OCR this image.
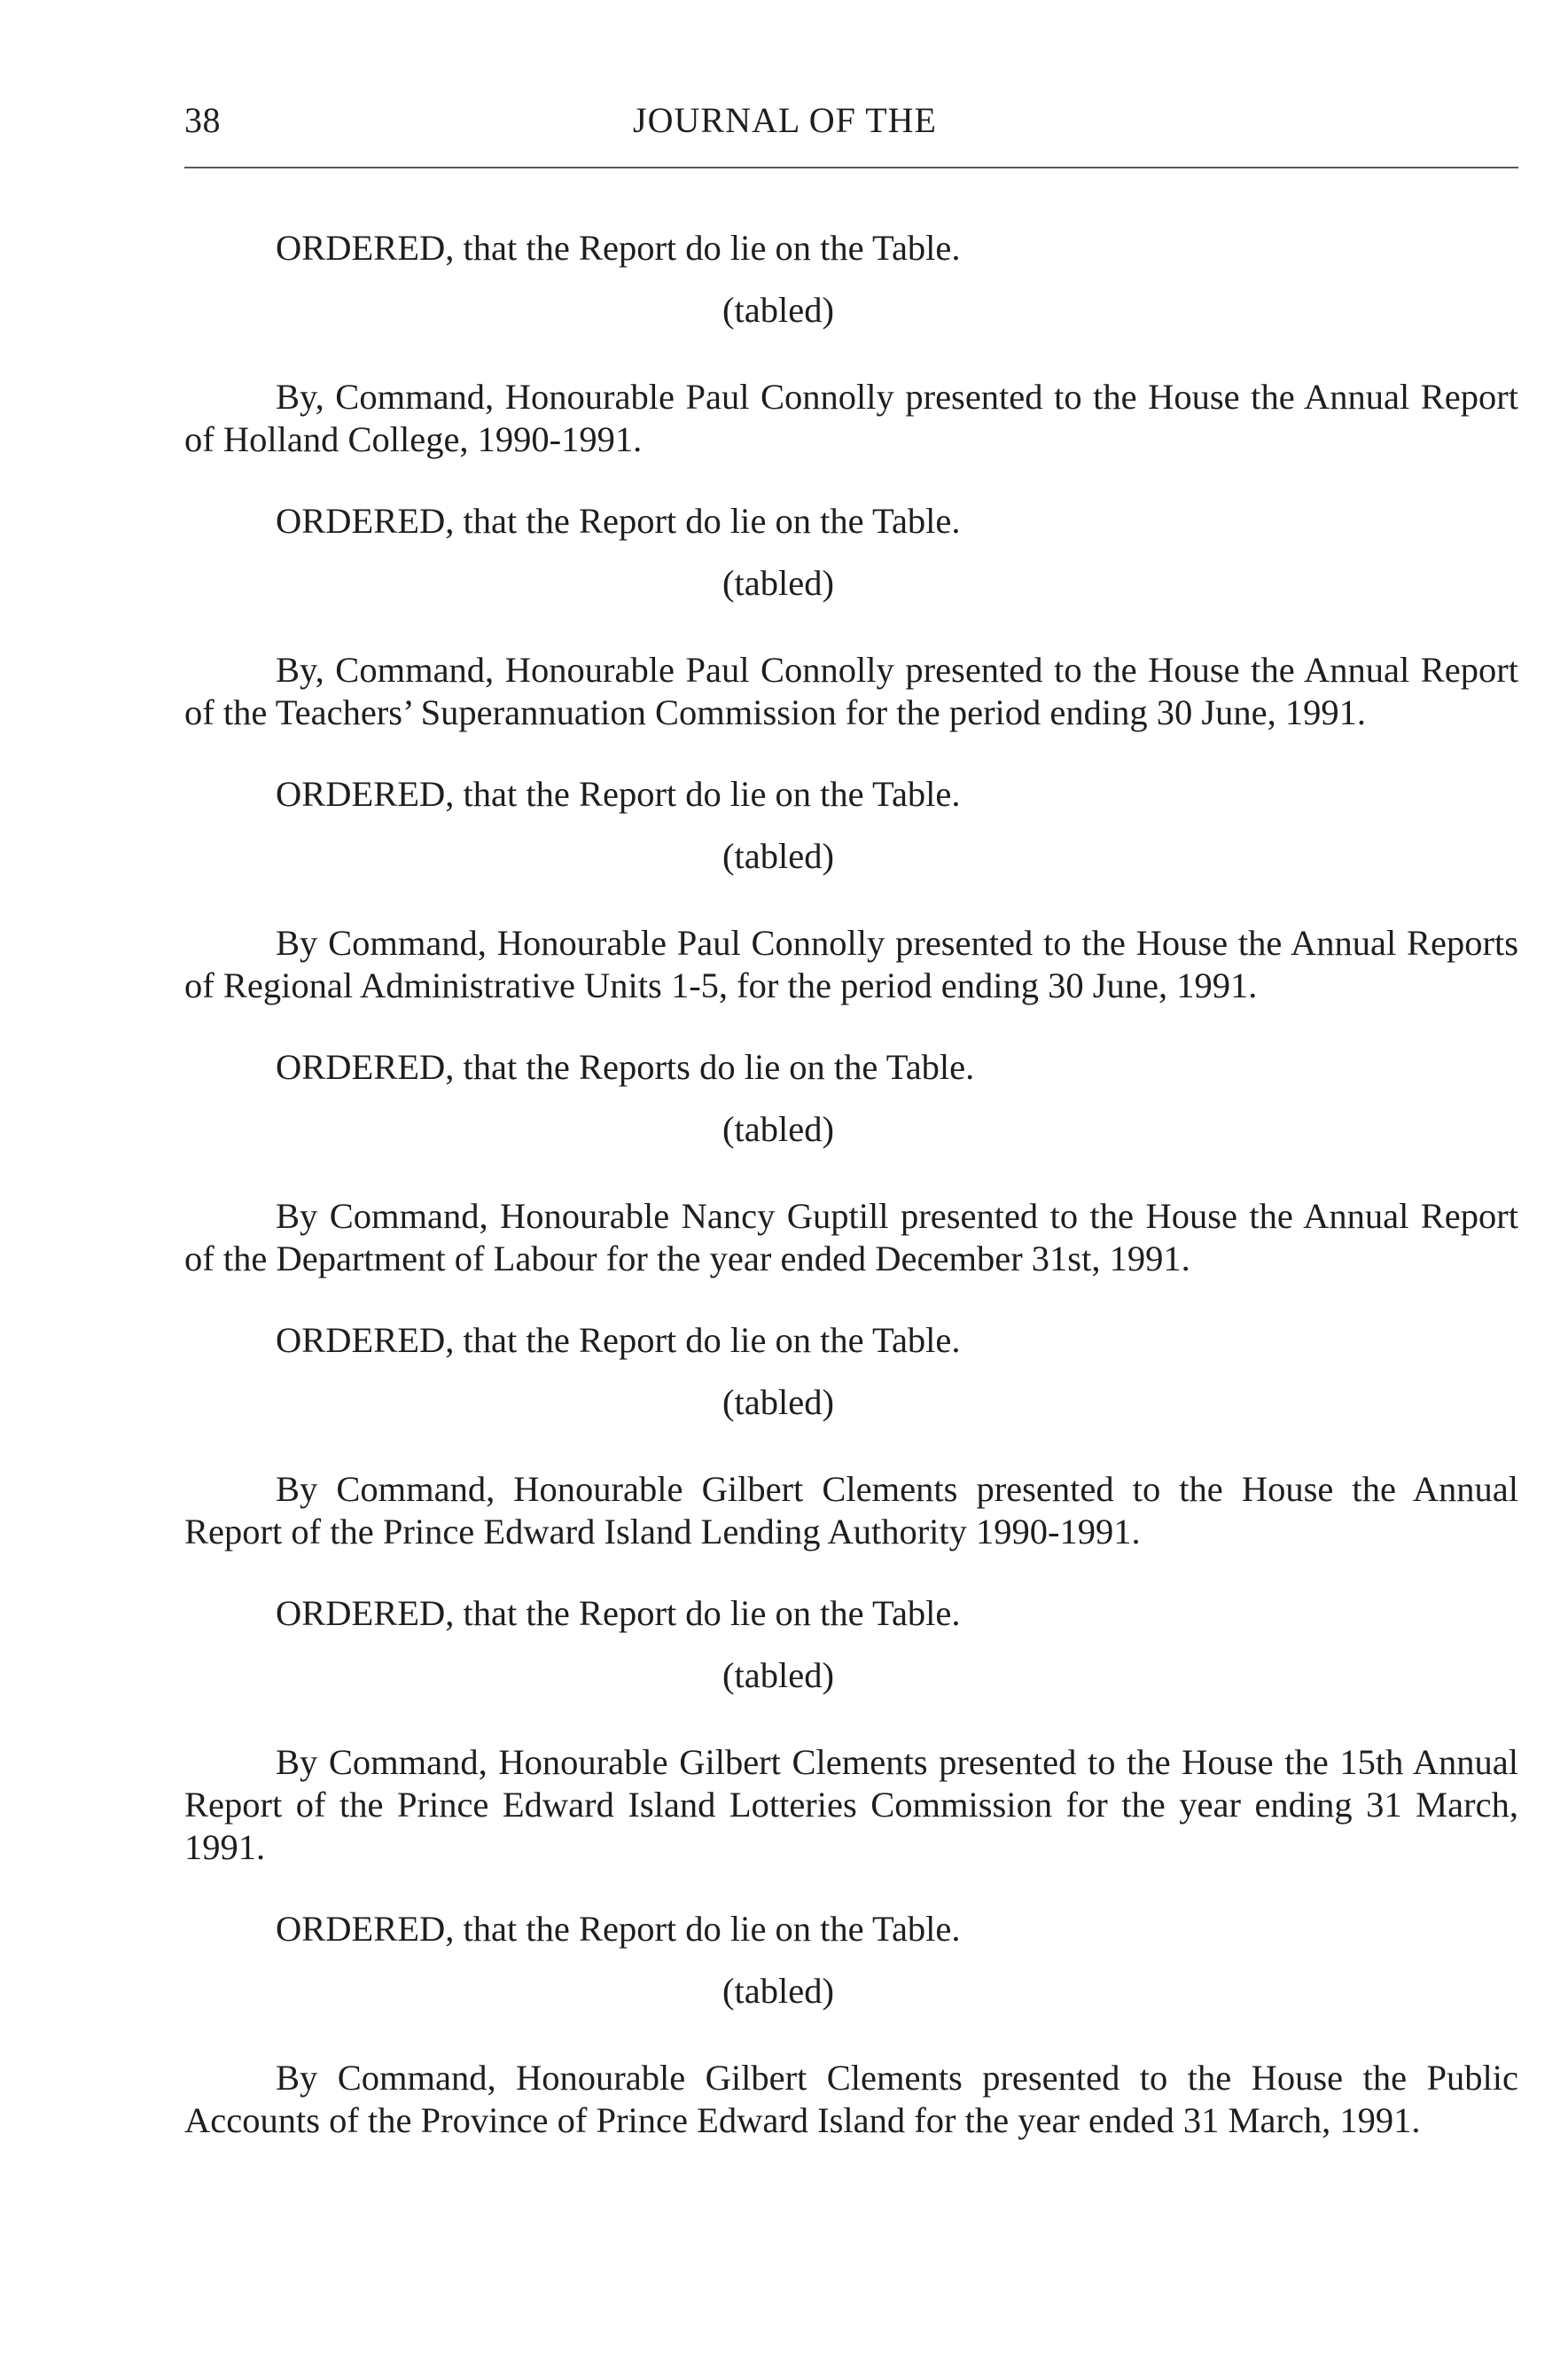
38	JOURNAL OF THE

ORDERED, that the Report do lie on the Table.

(tabled)

By, Command, Honourable Paul Connolly presented to the House the Annual Report of Holland College, 1990-1991.

ORDERED, that the Report do lie on the Table.

(tabled)

By, Command, Honourable Paul Connolly presented to the House the Annual Report of the Teachers’ Superannuation Commission for the period ending 30 June, 1991.

ORDERED, that the Report do lie on the Table.

(tabled)

By Command, Honourable Paul Connolly presented to the House the Annual Reports of Regional Administrative Units 1-5, for the period ending 30 June, 1991.

ORDERED, that the Reports do lie on the Table.

(tabled)

By Command, Honourable Nancy Guptill presented to the House the Annual Report of the Department of Labour for the year ended December 31st, 1991.

ORDERED, that the Report do lie on the Table.

(tabled)

By Command, Honourable Gilbert Clements presented to the House the Annual Report of the Prince Edward Island Lending Authority 1990-1991.

ORDERED, that the Report do lie on the Table.

(tabled)

By Command, Honourable Gilbert Clements presented to the House the 15th Annual Report of the Prince Edward Island Lotteries Commission for the year ending 31 March, 1991.

ORDERED, that the Report do lie on the Table.

(tabled)

By Command, Honourable Gilbert Clements presented to the House the Public Accounts of the Province of Prince Edward Island for the year ended 31 March, 1991.
